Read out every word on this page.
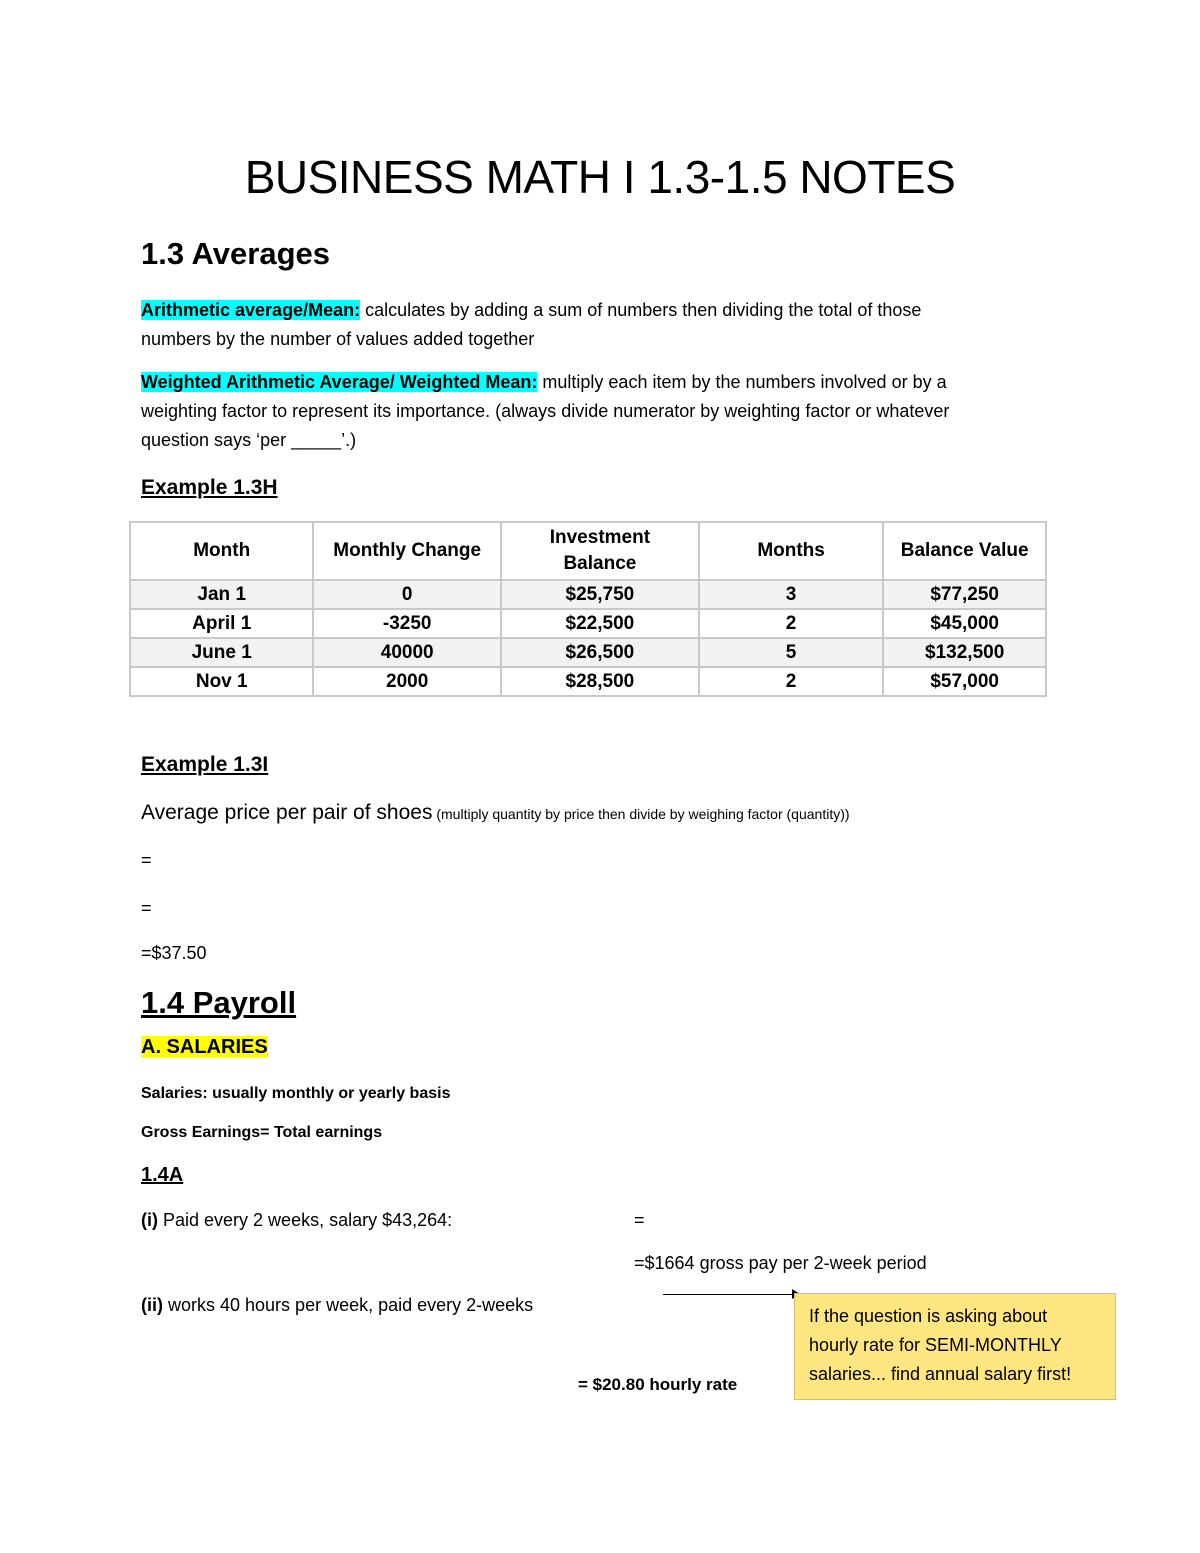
BUSINESS MATH I 1.3-1.5 NOTES
1.3 Averages
Arithmetic average/Mean: calculates by adding a sum of numbers then dividing the total of those
numbers by the number of values added together
Weighted Arithmetic Average/ Weighted Mean: multiply each item by the numbers involved or by a
weighting factor to represent its importance. (always divide numerator by weighting factor or whatever
question says ‘per _____’.)
Example 1.3H
Month	Monthly Change	Investment Balance	Months	Balance Value
Jan 1	0	$25,750	3	$77,250
April 1	-3250	$22,500	2	$45,000
June 1	40000	$26,500	5	$132,500
Nov 1	2000	$28,500	2	$57,000
Example 1.3I
Average price per pair of shoes (multiply quantity by price then divide by weighing factor (quantity))
=
=
=$37.50
1.4 Payroll
A. SALARIES
Salaries: usually monthly or yearly basis
Gross Earnings= Total earnings
1.4A
(i) Paid every 2 weeks, salary $43,264:	=
=$1664 gross pay per 2-week period
(ii) works 40 hours per week, paid every 2-weeks
= $20.80 hourly rate
If the question is asking about hourly rate for SEMI-MONTHLY salaries... find annual salary first!
